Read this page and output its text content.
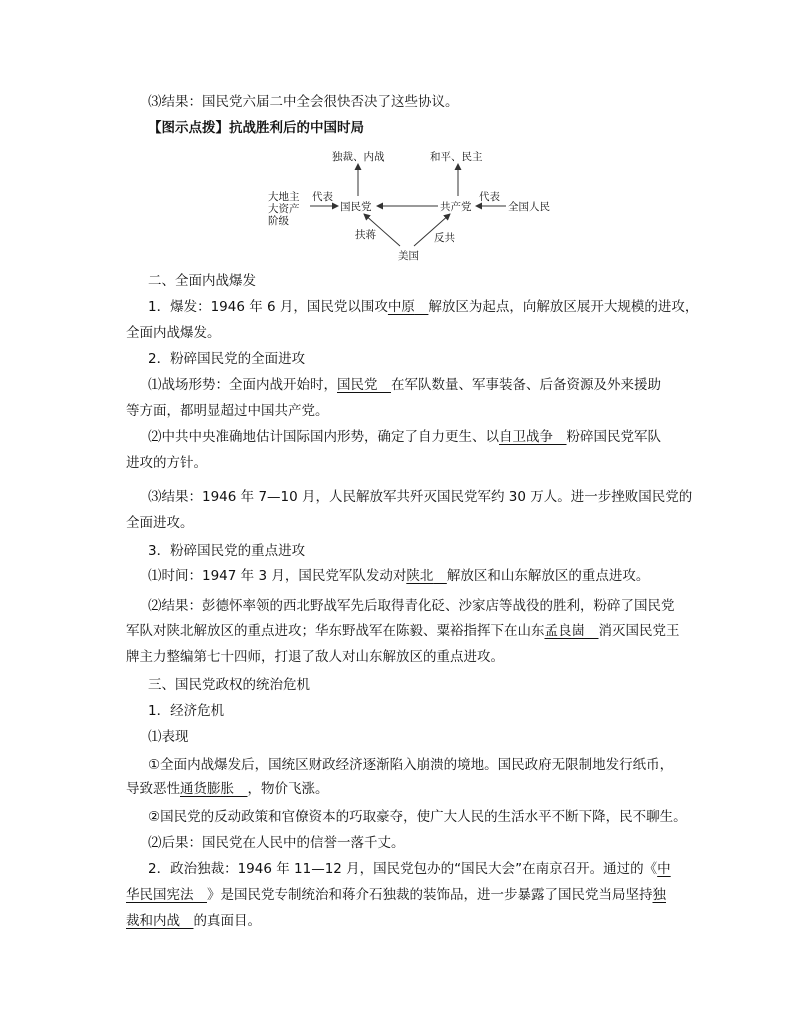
⑶结果：国民党六届二中全会很快否决了这些协议。
【图示点拨】抗战胜利后的中国时局
独裁、内战	和平、民主
大地主
大资产
阶级
代表
国民党	共产党
代表
全国人民
扶蒋	反共
美国
二、全面内战爆发
1．爆发：1946 年 6 月，国民党以围攻中原   解放区为起点，向解放区展开大规模的进攻，
全面内战爆发。
2．粉碎国民党的全面进攻
⑴战场形势：全面内战开始时，国民党   在军队数量、军事装备、后备资源及外来援助
等方面，都明显超过中国共产党。
⑵中共中央准确地估计国际国内形势，确定了自力更生、以自卫战争   粉碎国民党军队
进攻的方针。
⑶结果：1946 年 7—10 月，人民解放军共歼灭国民党军约 30 万人。进一步挫败国民党的
全面进攻。
3．粉碎国民党的重点进攻
⑴时间：1947 年 3 月，国民党军队发动对陕北   解放区和山东解放区的重点进攻。
⑵结果：彭德怀率领的西北野战军先后取得青化砭、沙家店等战役的胜利，粉碎了国民党
军队对陕北解放区的重点进攻；华东野战军在陈毅、粟裕指挥下在山东孟良崮   消灭国民党王
牌主力整编第七十四师，打退了敌人对山东解放区的重点进攻。
三、国民党政权的统治危机
1．经济危机
⑴表现
①全面内战爆发后，国统区财政经济逐渐陷入崩溃的境地。国民政府无限制地发行纸币，
导致恶性通货膨胀   ，物价飞涨。
②国民党的反动政策和官僚资本的巧取豪夺，使广大人民的生活水平不断下降，民不聊生。
⑵后果：国民党在人民中的信誉一落千丈。
2．政治独裁：1946 年 11—12 月，国民党包办的“国民大会”在南京召开。通过的《中
华民国宪法   》是国民党专制统治和蒋介石独裁的装饰品，进一步暴露了国民党当局坚持独
裁和内战   的真面目。
